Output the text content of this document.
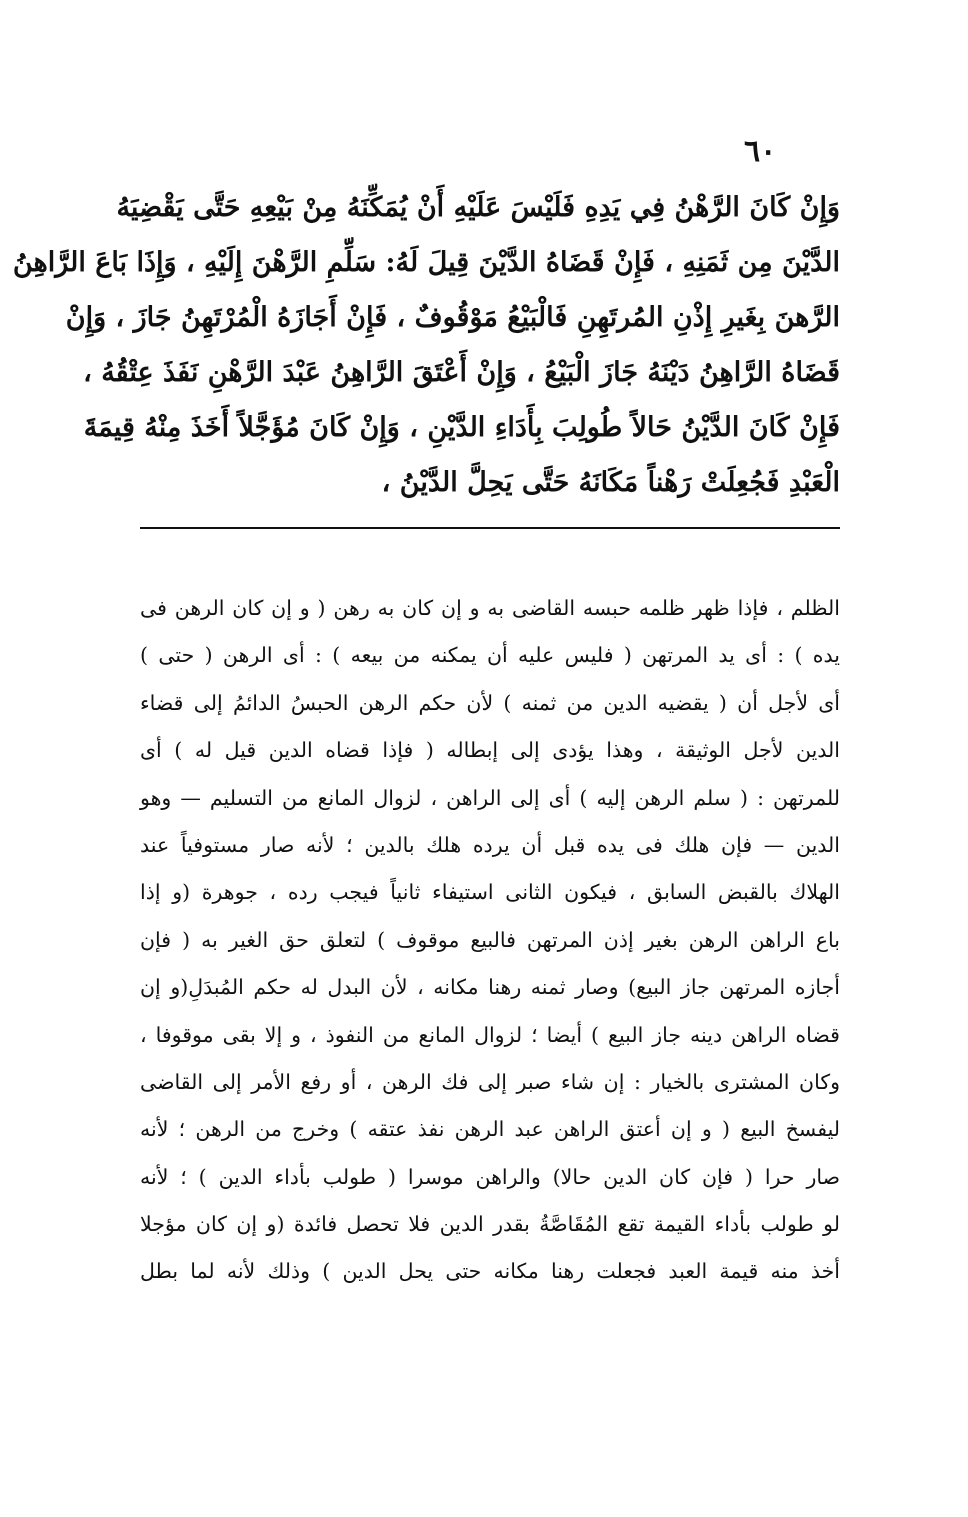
٦٠
وَإِنْ كَانَ الرَّهْنُ فِي يَدِهِ فَلَيْسَ عَلَيْهِ أَنْ يُمَكِّنَهُ مِنْ بَيْعِهِ حَتَّى يَقْضِيَهُ
الدَّيْنَ مِن ثَمَنِهِ ، فَإِنْ قَضَاهُ الدَّيْنَ قِيلَ لَهُ: سَلِّمِ الرَّهْنَ إِلَيْهِ ، وَإِذَا بَاعَ الرَّاهِنُ
الرَّهنَ بِغَيرِ إِذْنِ المُرتَهِنِ فَالْبَيْعُ مَوْقُوفٌ ، فَإِنْ أَجَازَهُ الْمُرْتَهِنُ جَازَ ، وَإِنْ
قَضَاهُ الرَّاهِنُ دَيْنَهُ جَازَ الْبَيْعُ ، وَإِنْ أَعْتَقَ الرَّاهِنُ عَبْدَ الرَّهْنِ نَفَذَ عِتْقُهُ ،
فَإِنْ كَانَ الدَّيْنُ حَالاً طُولِبَ بِأَدَاءِ الدَّيْنِ ، وَإِنْ كَانَ مُؤَجَّلاً أَخَذَ مِنْهُ قِيمَةَ
الْعَبْدِ فَجُعِلَتْ رَهْناً مَكَانَهُ حَتَّى يَحِلَّ الدَّيْنُ ،
الظلم ، فإذا ظهر ظلمه حبسه القاضى به و إن كان به رهن ( و إن كان الرهن فى
يده ) : أى يد المرتهن ( فليس عليه أن يمكنه من بيعه ) : أى الرهن ( حتى )
أى لأجل أن ( يقضيه الدين من ثمنه ) لأن حكم الرهن الحبسُ الدائمُ إلى قضاء
الدين لأجل الوثيقة ، وهذا يؤدى إلى إبطاله ( فإذا قضاه الدين قيل له ) أى
للمرتهن : ( سلم الرهن إليه ) أى إلى الراهن ، لزوال المانع من التسليم — وهو
الدين — فإن هلك فى يده قبل أن يرده هلك بالدين ؛ لأنه صار مستوفياً عند
الهلاك بالقبض السابق ، فيكون الثانى استيفاء ثانياً فيجب رده ، جوهرة (و إذا
باع الراهن الرهن بغير إذن المرتهن فالبيع موقوف ) لتعلق حق الغير به ( فإن
أجازه المرتهن جاز البيع) وصار ثمنه رهنا مكانه ، لأن البدل له حكم المُبدَلِ(و إن
قضاه الراهن دينه جاز البيع ) أيضا ؛ لزوال المانع من النفوذ ، و إلا بقى موقوفا ،
وكان المشترى بالخيار : إن شاء صبر إلى فك الرهن ، أو رفع الأمر إلى القاضى
ليفسخ البيع ( و إن أعتق الراهن عبد الرهن نفذ عتقه ) وخرج من الرهن ؛ لأنه
صار حرا ( فإن كان الدين حالا) والراهن موسرا ( طولب بأداء الدين ) ؛ لأنه
لو طولب بأداء القيمة تقع المُقَاصَّةُ بقدر الدين فلا تحصل فائدة (و إن كان مؤجلا
أخذ منه قيمة العبد فجعلت رهنا مكانه حتى يحل الدين ) وذلك لأنه لما بطل
